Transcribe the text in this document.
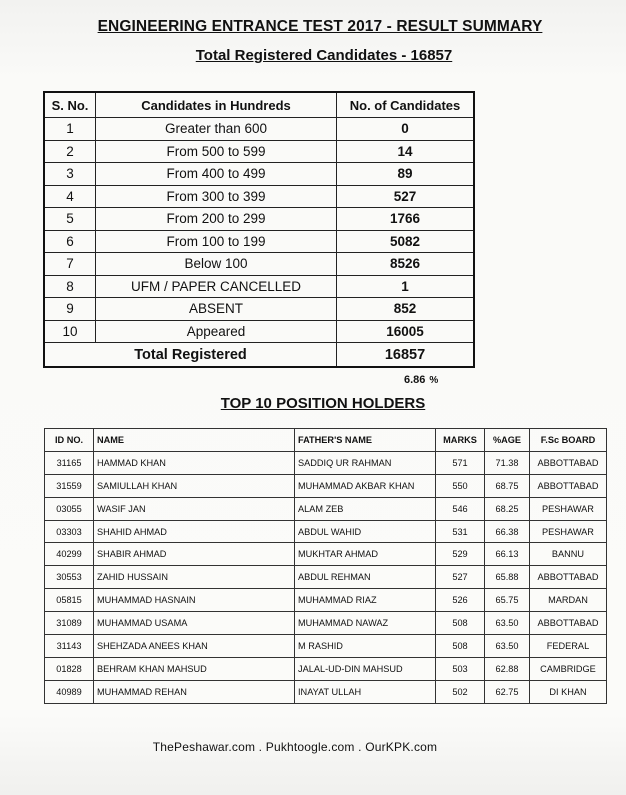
ENGINEERING ENTRANCE TEST 2017 - RESULT SUMMARY
Total Registered Candidates - 16857
S. No.	Candidates in Hundreds	No. of Candidates
1	Greater than 600	0
2	From 500 to 599	14
3	From 400 to 499	89
4	From 300 to 399	527
5	From 200 to 299	1766
6	From 100 to 199	5082
7	Below 100	8526
8	UFM / PAPER CANCELLED	1
9	ABSENT	852
10	Appeared	16005
Total Registered		16857
6.86 %
TOP 10 POSITION HOLDERS
ID NO.	NAME	FATHER'S NAME	MARKS	%AGE	F.Sc BOARD
31165	HAMMAD KHAN	SADDIQ UR RAHMAN	571	71.38	ABBOTTABAD
31559	SAMIULLAH KHAN	MUHAMMAD AKBAR KHAN	550	68.75	ABBOTTABAD
03055	WASIF JAN	ALAM ZEB	546	68.25	PESHAWAR
03303	SHAHID AHMAD	ABDUL WAHID	531	66.38	PESHAWAR
40299	SHABIR AHMAD	MUKHTAR AHMAD	529	66.13	BANNU
30553	ZAHID HUSSAIN	ABDUL REHMAN	527	65.88	ABBOTTABAD
05815	MUHAMMAD HASNAIN	MUHAMMAD RIAZ	526	65.75	MARDAN
31089	MUHAMMAD USAMA	MUHAMMAD NAWAZ	508	63.50	ABBOTTABAD
31143	SHEHZADA ANEES KHAN	M RASHID	508	63.50	FEDERAL
01828	BEHRAM KHAN MAHSUD	JALAL-UD-DIN MAHSUD	503	62.88	CAMBRIDGE
40989	MUHAMMAD REHAN	INAYAT ULLAH	502	62.75	DI KHAN
ThePeshawar.com . Pukhtoogle.com . OurKPK.com
